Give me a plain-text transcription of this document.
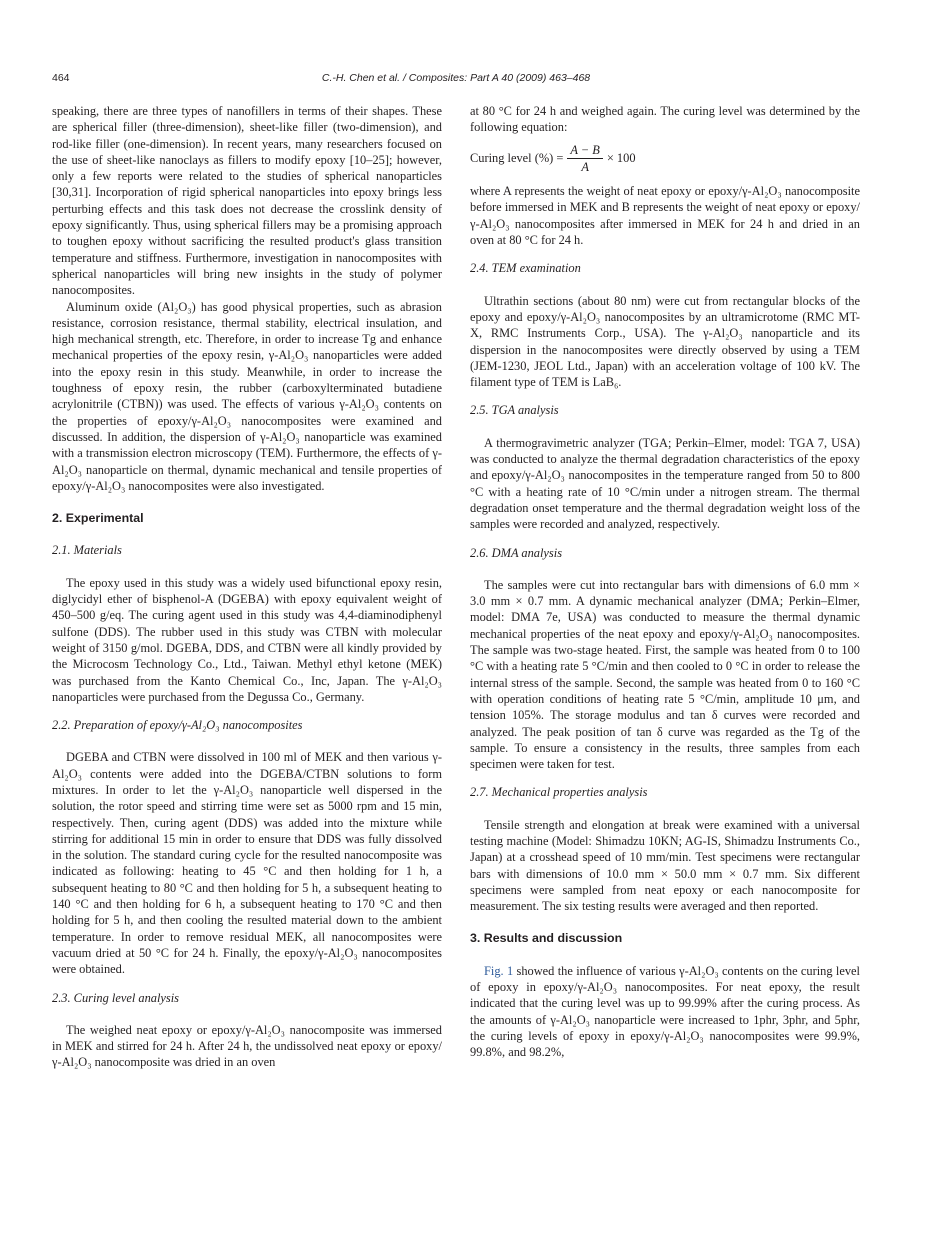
464	C.-H. Chen et al. / Composites: Part A 40 (2009) 463–468

speaking, there are three types of nanofillers in terms of their shapes. These are spherical filler (three-dimension), sheet-like filler (two-dimension), and rod-like filler (one-dimension). In recent years, many researchers focused on the use of sheet-like nanoclays as fillers to modify epoxy [10–25]; however, only a few reports were related to the studies of spherical nanoparticles [30,31]. Incorporation of rigid spherical nanoparticles into epoxy brings less perturbing effects and this task does not decrease the crosslink density of epoxy significantly. Thus, using spherical fillers may be a promising approach to toughen epoxy without sacrificing the resulted product's glass transition temperature and stiffness. Furthermore, investigation in nanocomposites with spherical nanoparticles will bring new insights in the study of polymer nanocomposites.

Aluminum oxide (Al₂O₃) has good physical properties, such as abrasion resistance, corrosion resistance, thermal stability, electrical insulation, and high mechanical strength, etc. Therefore, in order to increase Tg and enhance mechanical properties of the epoxy resin, γ-Al₂O₃ nanoparticles were added into the epoxy resin in this study. Meanwhile, in order to increase the toughness of epoxy resin, the rubber (carboxylterminated butadiene acrylonitrile (CTBN)) was used. The effects of various γ-Al₂O₃ contents on the properties of epoxy/γ-Al₂O₃ nanocomposites were examined and discussed. In addition, the dispersion of γ-Al₂O₃ nanoparticle was examined with a transmission electron microscopy (TEM). Furthermore, the effects of γ-Al₂O₃ nanoparticle on thermal, dynamic mechanical and tensile properties of epoxy/γ-Al₂O₃ nanocomposites were also investigated.

2. Experimental
2.1. Materials

The epoxy used in this study was a widely used bifunctional epoxy resin, diglycidyl ether of bisphenol-A (DGEBA) with epoxy equivalent weight of 450–500 g/eq. The curing agent used in this study was 4,4-diaminodiphenyl sulfone (DDS). The rubber used in this study was CTBN with molecular weight of 3150 g/mol. DGEBA, DDS, and CTBN were all kindly provided by the Microcosm Technology Co., Ltd., Taiwan. Methyl ethyl ketone (MEK) was purchased from the Kanto Chemical Co., Inc, Japan. The γ-Al₂O₃ nanoparticles were purchased from the Degussa Co., Germany.

2.2. Preparation of epoxy/γ-Al₂O₃ nanocomposites

DGEBA and CTBN were dissolved in 100 ml of MEK and then various γ-Al₂O₃ contents were added into the DGEBA/CTBN solutions to form mixtures. In order to let the γ-Al₂O₃ nanoparticle well dispersed in the solution, the rotor speed and stirring time were set as 5000 rpm and 15 min, respectively. Then, curing agent (DDS) was added into the mixture while stirring for additional 15 min in order to ensure that DDS was fully dissolved in the solution. The standard curing cycle for the resulted nanocomposite was indicated as following: heating to 45 °C and then holding for 1 h, a subsequent heating to 80 °C and then holding for 5 h, a subsequent heating to 140 °C and then holding for 6 h, a subsequent heating to 170 °C and then holding for 5 h, and then cooling the resulted material down to the ambient temperature. In order to remove residual MEK, all nanocomposites were vacuum dried at 50 °C for 24 h. Finally, the epoxy/γ-Al₂O₃ nanocomposites were obtained.

2.3. Curing level analysis

The weighed neat epoxy or epoxy/γ-Al₂O₃ nanocomposite was immersed in MEK and stirred for 24 h. After 24 h, the undissolved neat epoxy or epoxy/γ-Al₂O₃ nanocomposite was dried in an oven

at 80 °C for 24 h and weighed again. The curing level was determined by the following equation:

Curing level (%) = $\frac{A - B}{A} \times 100$

where A represents the weight of neat epoxy or epoxy/γ-Al₂O₃ nanocomposite before immersed in MEK and B represents the weight of neat epoxy or epoxy/γ-Al₂O₃ nanocomposites after immersed in MEK for 24 h and dried in an oven at 80 °C for 24 h.

2.4. TEM examination

Ultrathin sections (about 80 nm) were cut from rectangular blocks of the epoxy and epoxy/γ-Al₂O₃ nanocomposites by an ultramicrotome (RMC MT-X, RMC Instruments Corp., USA). The γ-Al₂O₃ nanoparticle and its dispersion in the nanocomposites were directly observed by using a TEM (JEM-1230, JEOL Ltd., Japan) with an acceleration voltage of 100 kV. The filament type of TEM is LaB₆.

2.5. TGA analysis

A thermogravimetric analyzer (TGA; Perkin–Elmer, model: TGA 7, USA) was conducted to analyze the thermal degradation characteristics of the epoxy and epoxy/γ-Al₂O₃ nanocomposites in the temperature ranged from 50 to 800 °C with a heating rate of 10 °C/min under a nitrogen stream. The thermal degradation onset temperature and the thermal degradation weight loss of the samples were recorded and analyzed, respectively.

2.6. DMA analysis

The samples were cut into rectangular bars with dimensions of 6.0 mm × 3.0 mm × 0.7 mm. A dynamic mechanical analyzer (DMA; Perkin–Elmer, model: DMA 7e, USA) was conducted to measure the thermal dynamic mechanical properties of the neat epoxy and epoxy/γ-Al₂O₃ nanocomposites. The sample was two-stage heated. First, the sample was heated from 0 to 100 °C with a heating rate 5 °C/min and then cooled to 0 °C in order to release the internal stress of the sample. Second, the sample was heated from 0 to 160 °C with operation conditions of heating rate 5 °C/min, amplitude 10 μm, and tension 105%. The storage modulus and tan δ curves were recorded and analyzed. The peak position of tan δ curve was regarded as the Tg of the sample. To ensure a consistency in the results, three samples from each specimen were taken for test.

2.7. Mechanical properties analysis

Tensile strength and elongation at break were examined with a universal testing machine (Model: Shimadzu 10KN; AG-IS, Shimadzu Instruments Co., Japan) at a crosshead speed of 10 mm/min. Test specimens were rectangular bars with dimensions of 10.0 mm × 50.0 mm × 0.7 mm. Six different specimens were sampled from neat epoxy or each nanocomposite for measurement. The six testing results were averaged and then reported.

3. Results and discussion

Fig. 1 showed the influence of various γ-Al₂O₃ contents on the curing level of epoxy in epoxy/γ-Al₂O₃ nanocomposites. For neat epoxy, the result indicated that the curing level was up to 99.99% after the curing process. As the amounts of γ-Al₂O₃ nanoparticle were increased to 1phr, 3phr, and 5phr, the curing levels of epoxy in epoxy/γ-Al₂O₃ nanocomposites were 99.9%, 99.8%, and 98.2%,
